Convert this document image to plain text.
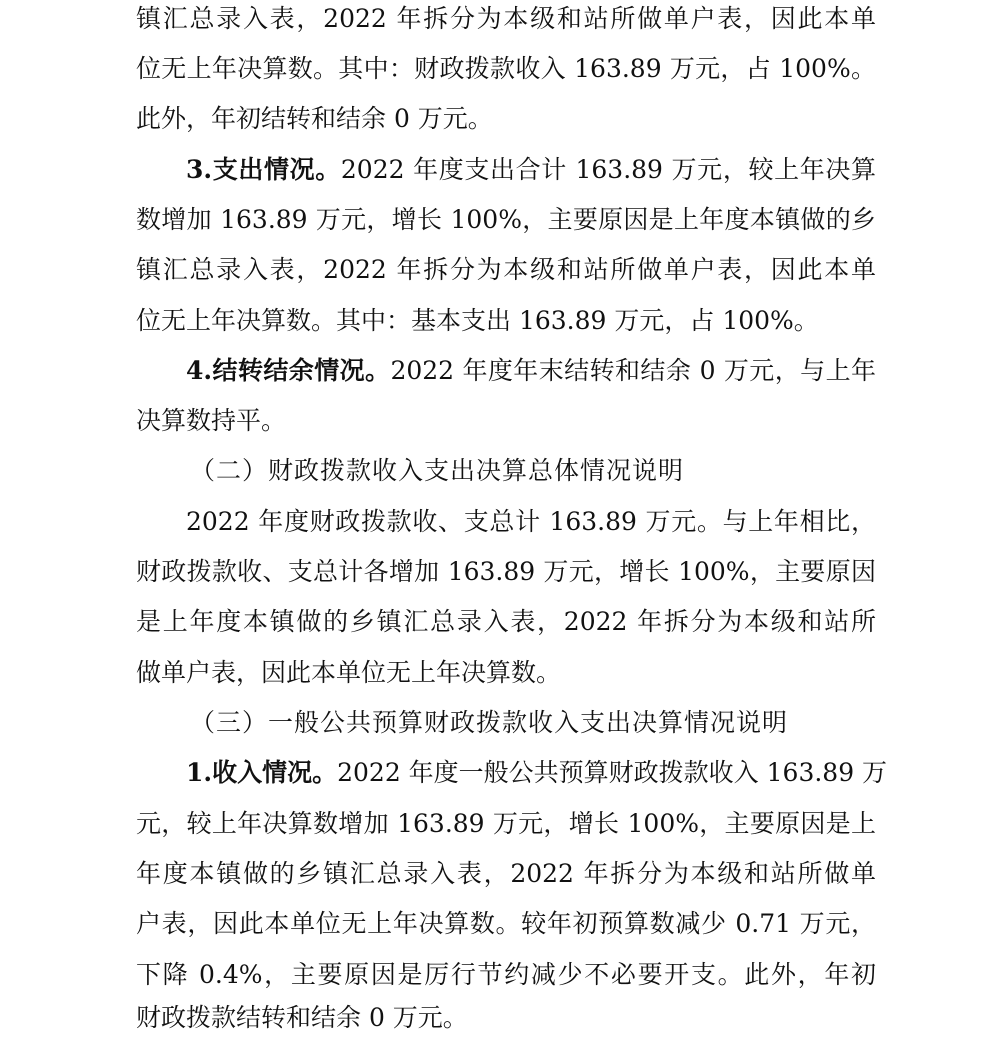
镇汇总录入表，2022 年拆分为本级和站所做单户表，因此本单
位无上年决算数。其中：财政拨款收入 163.89 万元，占 100%。
此外，年初结转和结余 0 万元。
3.支出情况。2022 年度支出合计 163.89 万元，较上年决算
数增加 163.89 万元，增长 100%，主要原因是上年度本镇做的乡
镇汇总录入表，2022 年拆分为本级和站所做单户表，因此本单
位无上年决算数。其中：基本支出 163.89 万元，占 100%。
4.结转结余情况。2022 年度年末结转和结余 0 万元，与上年
决算数持平。
（二）财政拨款收入支出决算总体情况说明
2022 年度财政拨款收、支总计 163.89 万元。与上年相比，
财政拨款收、支总计各增加 163.89 万元，增长 100%，主要原因
是上年度本镇做的乡镇汇总录入表，2022 年拆分为本级和站所
做单户表，因此本单位无上年决算数。
（三）一般公共预算财政拨款收入支出决算情况说明
1.收入情况。2022 年度一般公共预算财政拨款收入 163.89 万
元，较上年决算数增加 163.89 万元，增长 100%，主要原因是上
年度本镇做的乡镇汇总录入表，2022 年拆分为本级和站所做单
户表，因此本单位无上年决算数。较年初预算数减少 0.71 万元，
下降 0.4%，主要原因是厉行节约减少不必要开支。此外，年初
财政拨款结转和结余 0 万元。
